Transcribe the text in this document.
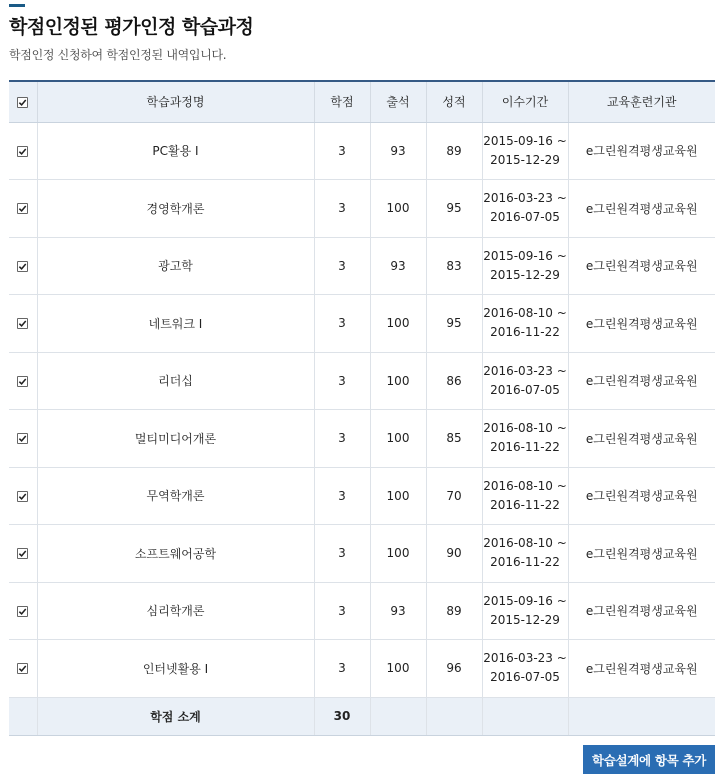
학점인정된 평가인정 학습과정

학점인정 신청하여 학점인정된 내역입니다.

	학습과정명	학점	출석	성적	이수기간	교육훈련기관

	PC활용 Ⅰ	3	93	89	2015-09-16 ~
2015-12-29	e그린원격평생교육원

	경영학개론	3	100	95	2016-03-23 ~
2016-07-05	e그린원격평생교육원

	광고학	3	93	83	2015-09-16 ~
2015-12-29	e그린원격평생교육원

	네트워크 Ⅰ	3	100	95	2016-08-10 ~
2016-11-22	e그린원격평생교육원

	리더십	3	100	86	2016-03-23 ~
2016-07-05	e그린원격평생교육원

	멀티미디어개론	3	100	85	2016-08-10 ~
2016-11-22	e그린원격평생교육원

	무역학개론	3	100	70	2016-08-10 ~
2016-11-22	e그린원격평생교육원

	소프트웨어공학	3	100	90	2016-08-10 ~
2016-11-22	e그린원격평생교육원

	심리학개론	3	93	89	2015-09-16 ~
2015-12-29	e그린원격평생교육원

	인터넷활용 Ⅰ	3	100	96	2016-03-23 ~
2016-07-05	e그린원격평생교육원
	학점 소계	30				
학습설계에 항목 추가
